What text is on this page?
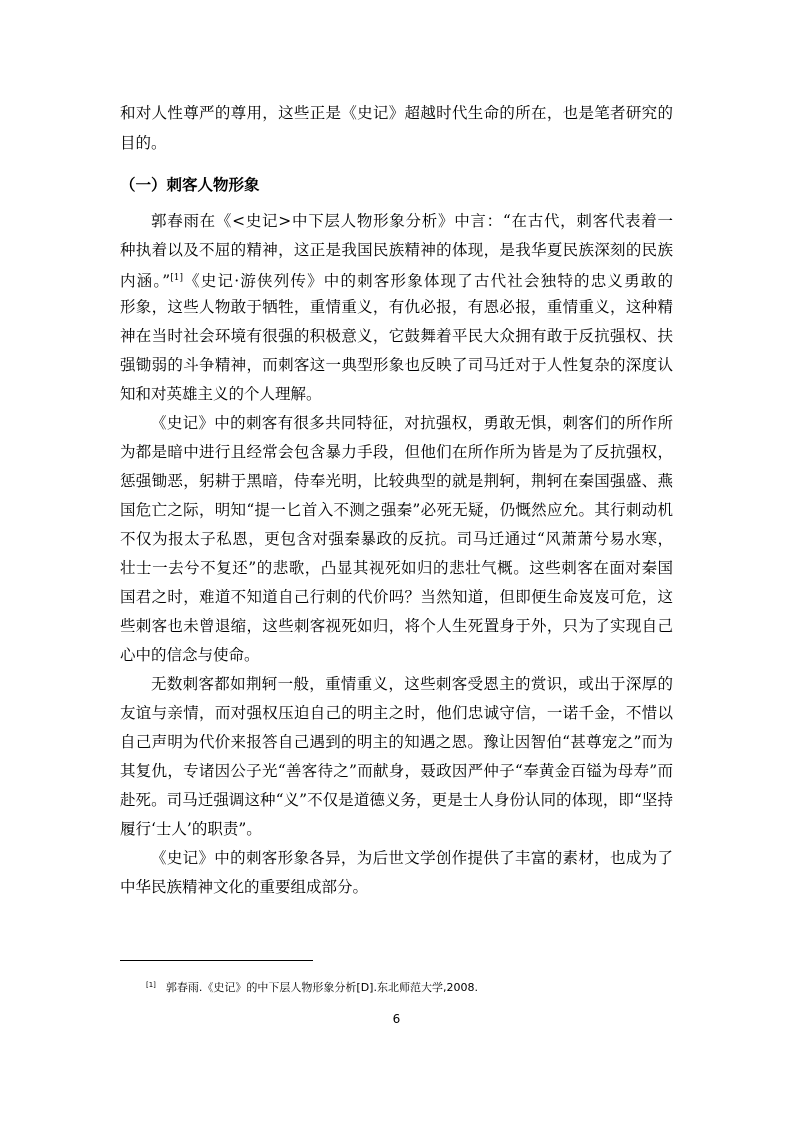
和对人性尊严的尊用，这些正是《史记》超越时代生命的所在，也是笔者研究的
目的。
（一）刺客人物形象
郭春雨在《<史记>中下层人物形象分析》中言：“在古代，刺客代表着一
种执着以及不屈的精神，这正是我国民族精神的体现，是我华夏民族深刻的民族
内涵。”[1]《史记·游侠列传》中的刺客形象体现了古代社会独特的忠义勇敢的
形象，这些人物敢于牺牲，重情重义，有仇必报，有恩必报，重情重义，这种精
神在当时社会环境有很强的积极意义，它鼓舞着平民大众拥有敢于反抗强权、扶
强锄弱的斗争精神，而刺客这一典型形象也反映了司马迁对于人性复杂的深度认
知和对英雄主义的个人理解。
《史记》中的刺客有很多共同特征，对抗强权，勇敢无惧，刺客们的所作所
为都是暗中进行且经常会包含暴力手段，但他们在所作所为皆是为了反抗强权，
惩强锄恶，躬耕于黑暗，侍奉光明，比较典型的就是荆轲，荆轲在秦国强盛、燕
国危亡之际，明知“提一匕首入不测之强秦”必死无疑，仍慨然应允。其行刺动机
不仅为报太子私恩，更包含对强秦暴政的反抗。司马迁通过“风萧萧兮易水寒，
壮士一去兮不复还”的悲歌，凸显其视死如归的悲壮气概。这些刺客在面对秦国
国君之时，难道不知道自己行刺的代价吗？当然知道，但即便生命岌岌可危，这
些刺客也未曾退缩，这些刺客视死如归，将个人生死置身于外，只为了实现自己
心中的信念与使命。
无数刺客都如荆轲一般，重情重义，这些刺客受恩主的赏识，或出于深厚的
友谊与亲情，而对强权压迫自己的明主之时，他们忠诚守信，一诺千金，不惜以
自己声明为代价来报答自己遇到的明主的知遇之恩。豫让因智伯“甚尊宠之”而为
其复仇，专诸因公子光“善客待之”而献身，聂政因严仲子“奉黄金百镒为母寿”而
赴死。司马迁强调这种“义”不仅是道德义务，更是士人身份认同的体现，即“坚持
履行‘士人’的职责”。
《史记》中的刺客形象各异，为后世文学创作提供了丰富的素材，也成为了
中华民族精神文化的重要组成部分。
[1] 郭春雨.《史记》的中下层人物形象分析[D].东北师范大学,2008.
6
